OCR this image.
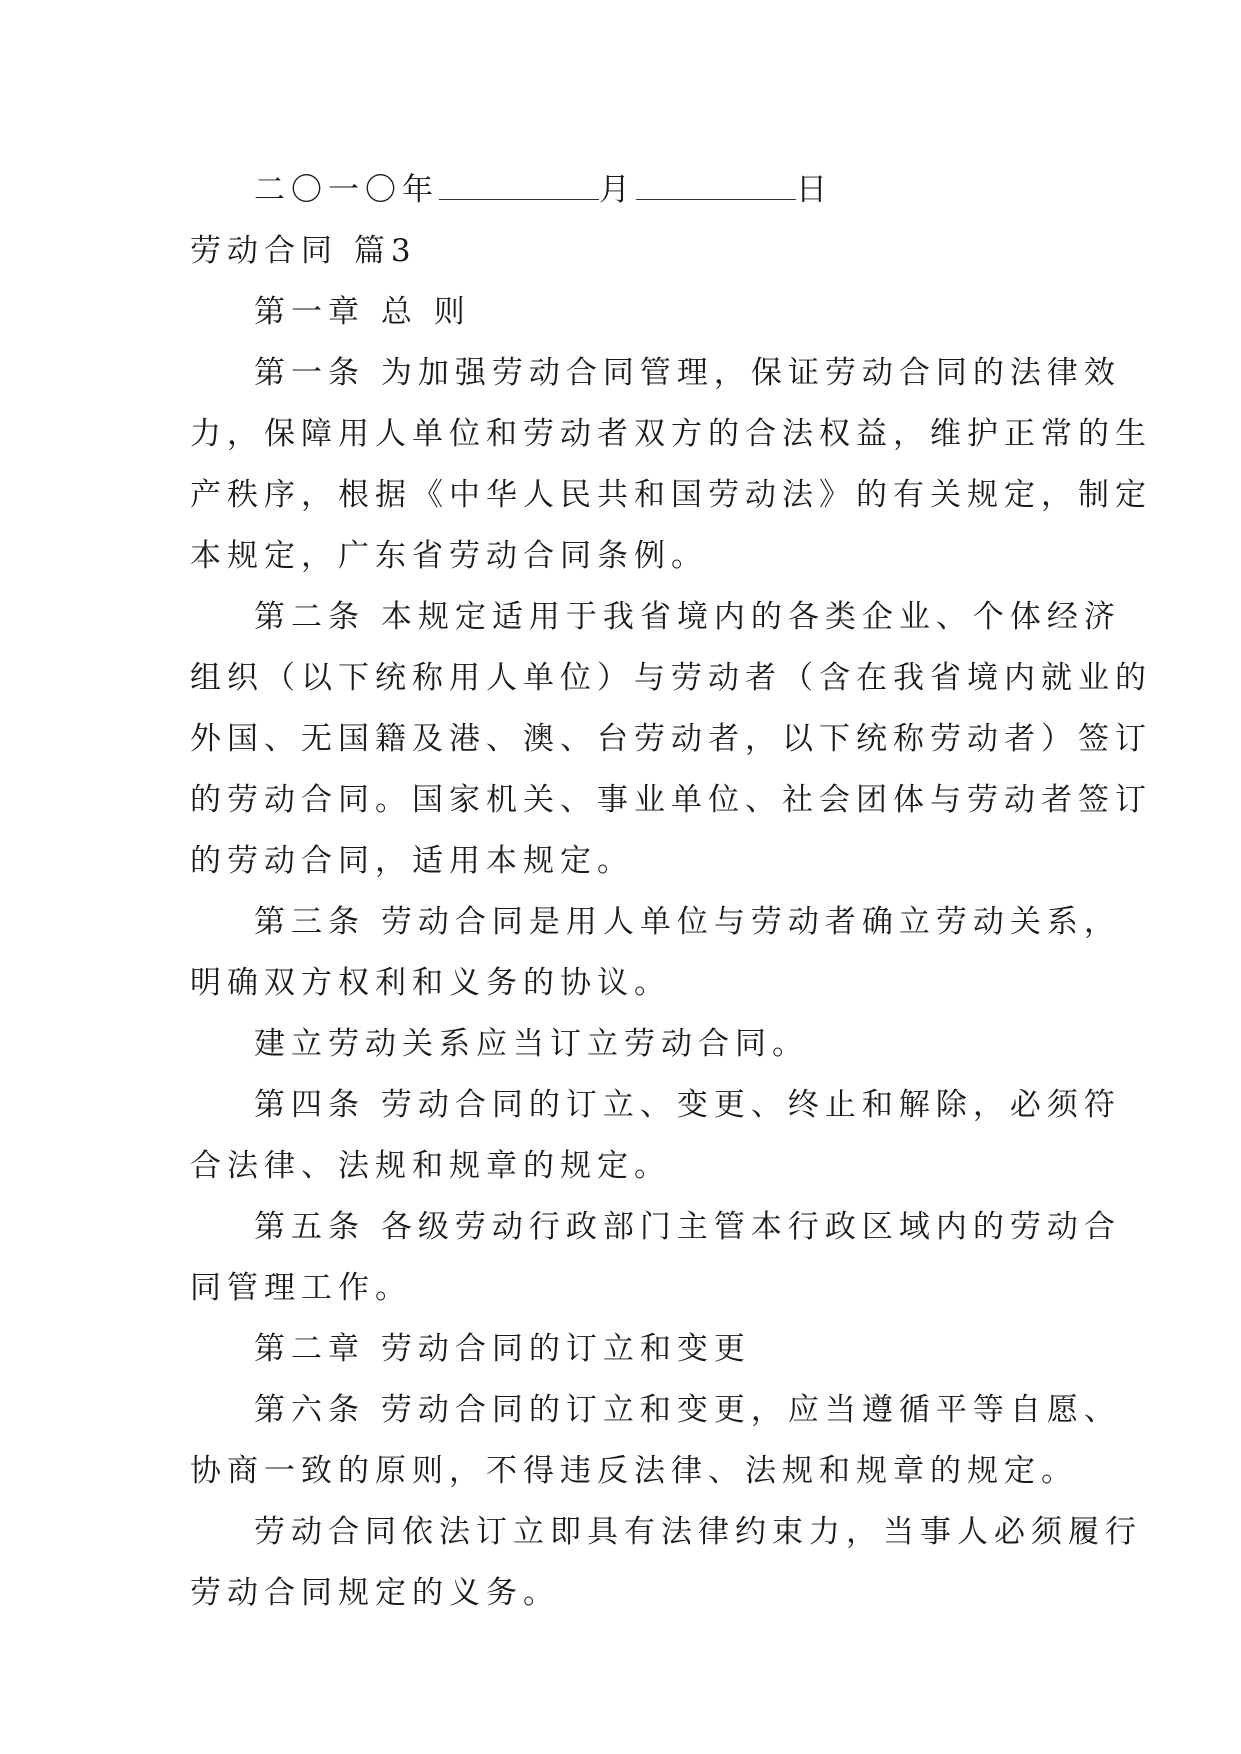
二〇一〇年	月	日
劳动合同 篇3
第一章 总 则
第一条 为加强劳动合同管理，保证劳动合同的法律效
力，保障用人单位和劳动者双方的合法权益，维护正常的生
产秩序，根据《中华人民共和国劳动法》的有关规定，制定
本规定，广东省劳动合同条例。
第二条 本规定适用于我省境内的各类企业、个体经济
组织（以下统称用人单位）与劳动者（含在我省境内就业的
外国、无国籍及港、澳、台劳动者，以下统称劳动者）签订
的劳动合同。国家机关、事业单位、社会团体与劳动者签订
的劳动合同，适用本规定。
第三条 劳动合同是用人单位与劳动者确立劳动关系，
明确双方权利和义务的协议。
建立劳动关系应当订立劳动合同。
第四条 劳动合同的订立、变更、终止和解除，必须符
合法律、法规和规章的规定。
第五条 各级劳动行政部门主管本行政区域内的劳动合
同管理工作。
第二章 劳动合同的订立和变更
第六条 劳动合同的订立和变更，应当遵循平等自愿、
协商一致的原则，不得违反法律、法规和规章的规定。
劳动合同依法订立即具有法律约束力，当事人必须履行
劳动合同规定的义务。
